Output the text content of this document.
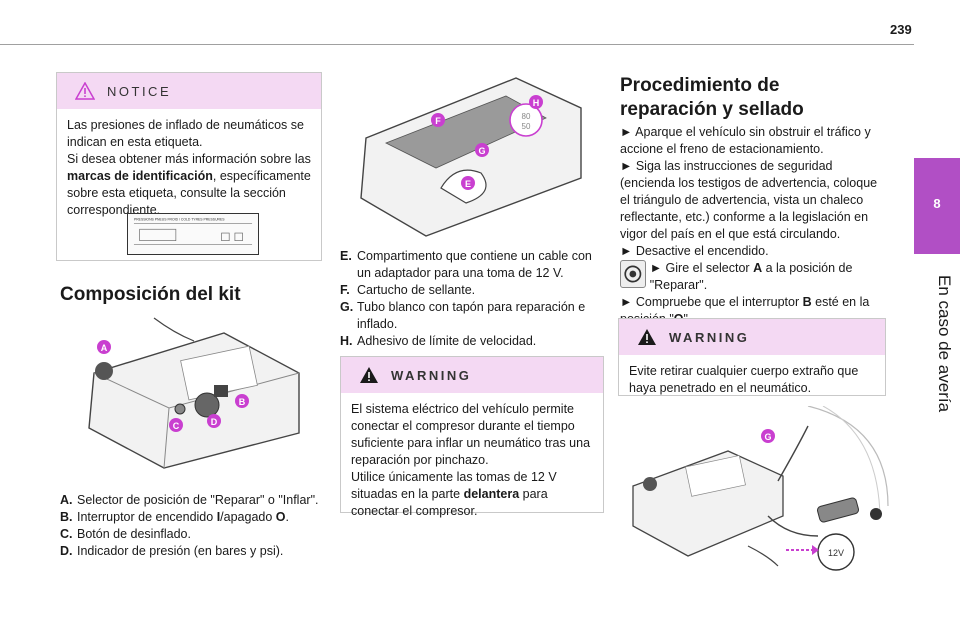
239
8
En caso de avería
NOTICE
Las presiones de inflado de neumáticos se indican en esta etiqueta.
Si desea obtener más información sobre las marcas de identificación, específicamente sobre esta etiqueta, consulte la sección correspondiente.
PRESSIONS PNEUS FROID / COLD TYRES PRESSURES
Composición del kit
A
B
C	D
A. Selector de posición de "Reparar" o "Inflar".
B. Interruptor de encendido I/apagado O.
C. Botón de desinflado.
D. Indicador de presión (en bares y psi).
80
50
F
G
E
H
E. Compartimento que contiene un cable con un adaptador para una toma de 12 V.
F. Cartucho de sellante.
G. Tubo blanco con tapón para reparación e inflado.
H. Adhesivo de límite de velocidad.
WARNING
El sistema eléctrico del vehículo permite conectar el compresor durante el tiempo suficiente para inflar un neumático tras una reparación por pinchazo.
Utilice únicamente las tomas de 12 V situadas en la parte delantera para conectar el compresor.
Procedimiento de
reparación y sellado
► Aparque el vehículo sin obstruir el tráfico y accione el freno de estacionamiento.
► Siga las instrucciones de seguridad (encienda los testigos de advertencia, coloque el triángulo de advertencia, vista un chaleco reflectante, etc.) conforme a la legislación en vigor del país en el que está circulando.
► Desactive el encendido.
► Gire el selector A a la posición de "Reparar".
► Compruebe que el interruptor B esté en la
WARNING
Evite retirar cualquier cuerpo extraño que haya penetrado en el neumático.
12V
G
